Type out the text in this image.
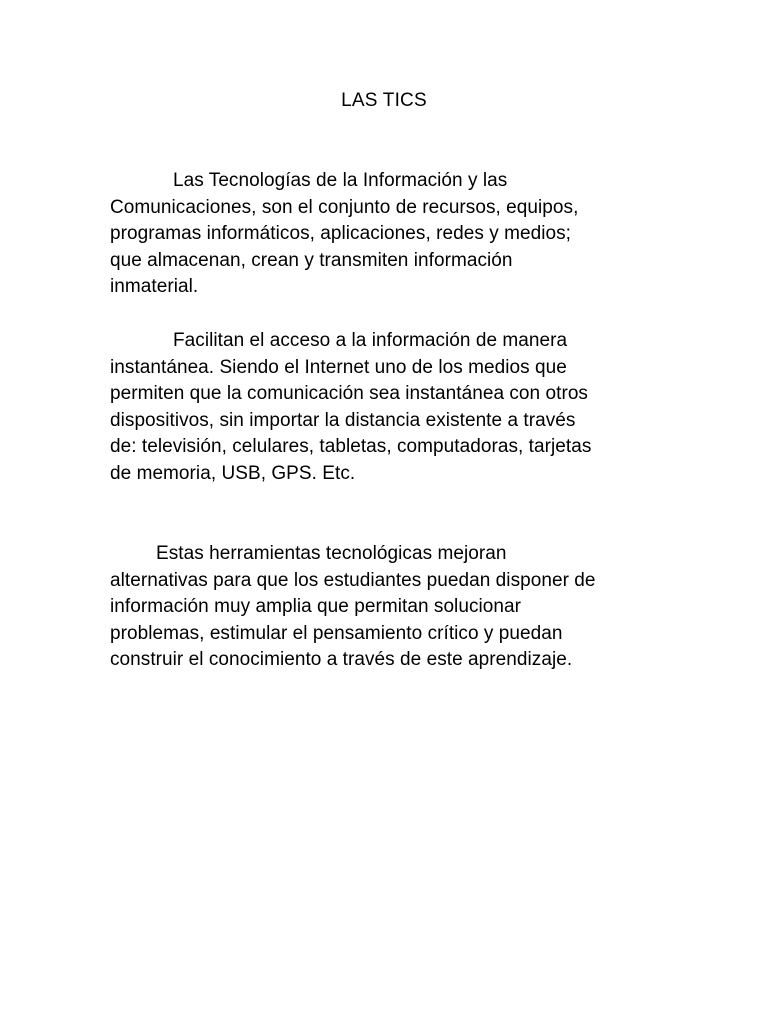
LAS TICS

Las Tecnologías de la Información y las
Comunicaciones, son el conjunto de recursos, equipos,
programas informáticos, aplicaciones, redes y medios;
que almacenan, crean y transmiten información
inmaterial.

Facilitan el acceso a la información de manera
instantánea. Siendo el Internet uno de los medios que
permiten que la comunicación sea instantánea con otros
dispositivos, sin importar la distancia existente a través
de: televisión, celulares, tabletas, computadoras, tarjetas
de memoria, USB, GPS. Etc.

Estas herramientas tecnológicas mejoran
alternativas para que los estudiantes puedan disponer de
información muy amplia que permitan solucionar
problemas, estimular el pensamiento crítico y puedan
construir el conocimiento a través de este aprendizaje.
